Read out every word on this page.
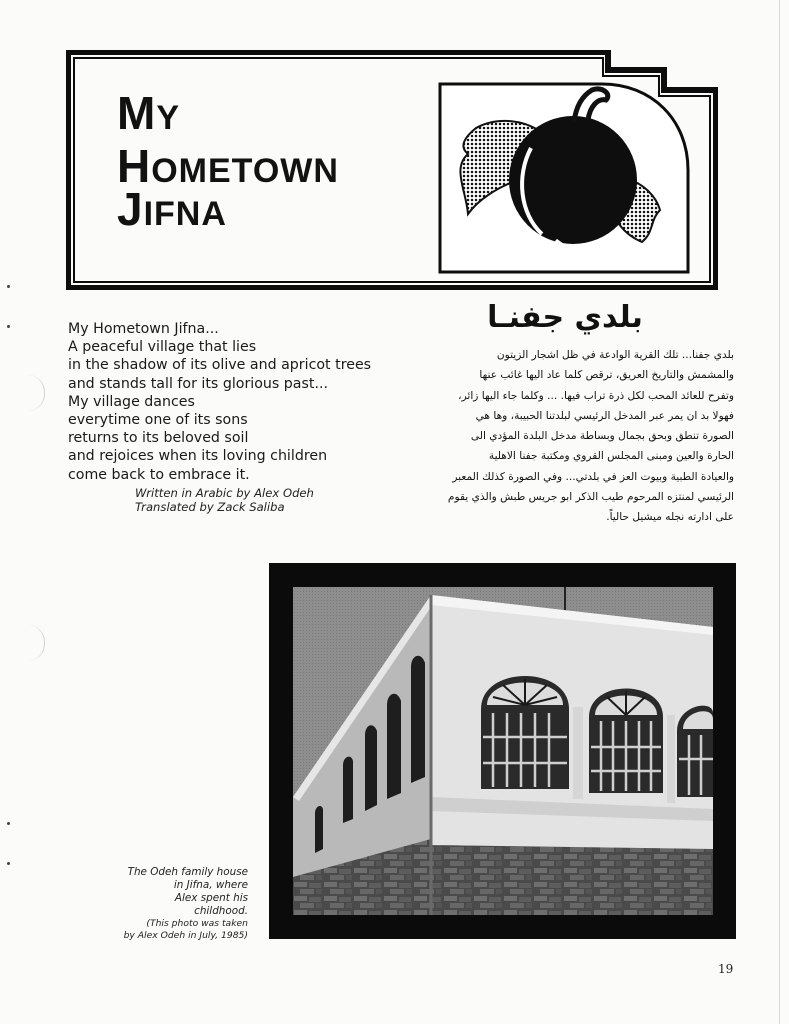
MY
HOMETOWN
JIFNA
بلدي جفنـا
My Hometown Jifna...
A peaceful village that lies
in the shadow of its olive and apricot trees
and stands tall for its glorious past...
My village dances
everytime one of its sons
returns to its beloved soil
and rejoices when its loving children
come back to embrace it.
Written in Arabic by Alex Odeh
Translated by Zack Saliba
بلدي جفنا... تلك القرية الوادعة في ظل اشجار الزيتون
والمشمش والتاريخ العريق، ترقص كلما عاد اليها غائب عنها
وتفرح للعائد المحب لكل ذرة تراب فيها. ... وكلما جاء اليها زائر،
فهولا بد ان يمر عبر المدخل الرئيسي لبلدتنا الحبيبة، وها هي
الصورة تنطق وبحق بجمال وبساطة مدخل البلدة المؤدي الى
الحارة والعين ومبنى المجلس القروي ومكتبة جفنا الاهلية
والعيادة الطبية وبيوت العز في بلدتي... وفي الصورة كذلك المعبر
الرئيسي لمنتزه المرحوم طيب الذكر ابو جريس طبش والذي يقوم
على ادارته نجله ميشيل حالياً.
The Odeh family house
in Jifna, where
Alex spent his
childhood.
(This photo was taken
by Alex Odeh in July, 1985)
19
